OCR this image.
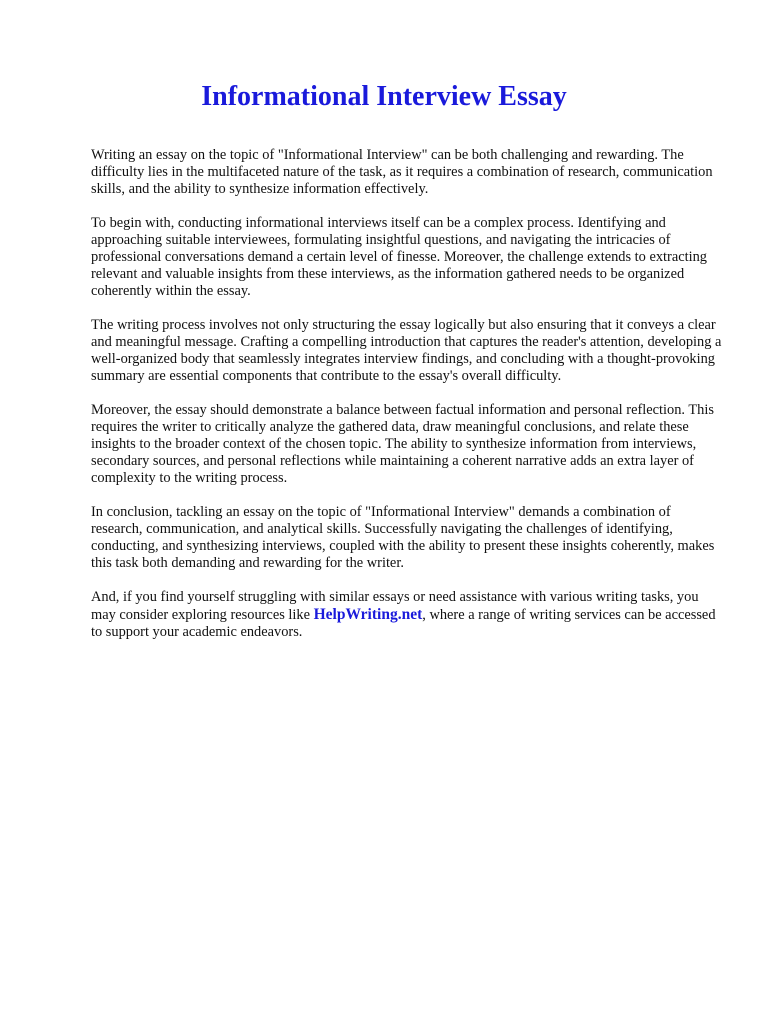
Informational Interview Essay

Writing an essay on the topic of "Informational Interview" can be both challenging and rewarding. The difficulty lies in the multifaceted nature of the task, as it requires a combination of research, communication skills, and the ability to synthesize information effectively.

To begin with, conducting informational interviews itself can be a complex process. Identifying and approaching suitable interviewees, formulating insightful questions, and navigating the intricacies of professional conversations demand a certain level of finesse. Moreover, the challenge extends to extracting relevant and valuable insights from these interviews, as the information gathered needs to be organized coherently within the essay.

The writing process involves not only structuring the essay logically but also ensuring that it conveys a clear and meaningful message. Crafting a compelling introduction that captures the reader's attention, developing a well-organized body that seamlessly integrates interview findings, and concluding with a thought-provoking summary are essential components that contribute to the essay's overall difficulty.

Moreover, the essay should demonstrate a balance between factual information and personal reflection. This requires the writer to critically analyze the gathered data, draw meaningful conclusions, and relate these insights to the broader context of the chosen topic. The ability to synthesize information from interviews, secondary sources, and personal reflections while maintaining a coherent narrative adds an extra layer of complexity to the writing process.

In conclusion, tackling an essay on the topic of "Informational Interview" demands a combination of research, communication, and analytical skills. Successfully navigating the challenges of identifying, conducting, and synthesizing interviews, coupled with the ability to present these insights coherently, makes this task both demanding and rewarding for the writer.

And, if you find yourself struggling with similar essays or need assistance with various writing tasks, you may consider exploring resources like HelpWriting.net, where a range of writing services can be accessed to support your academic endeavors.
